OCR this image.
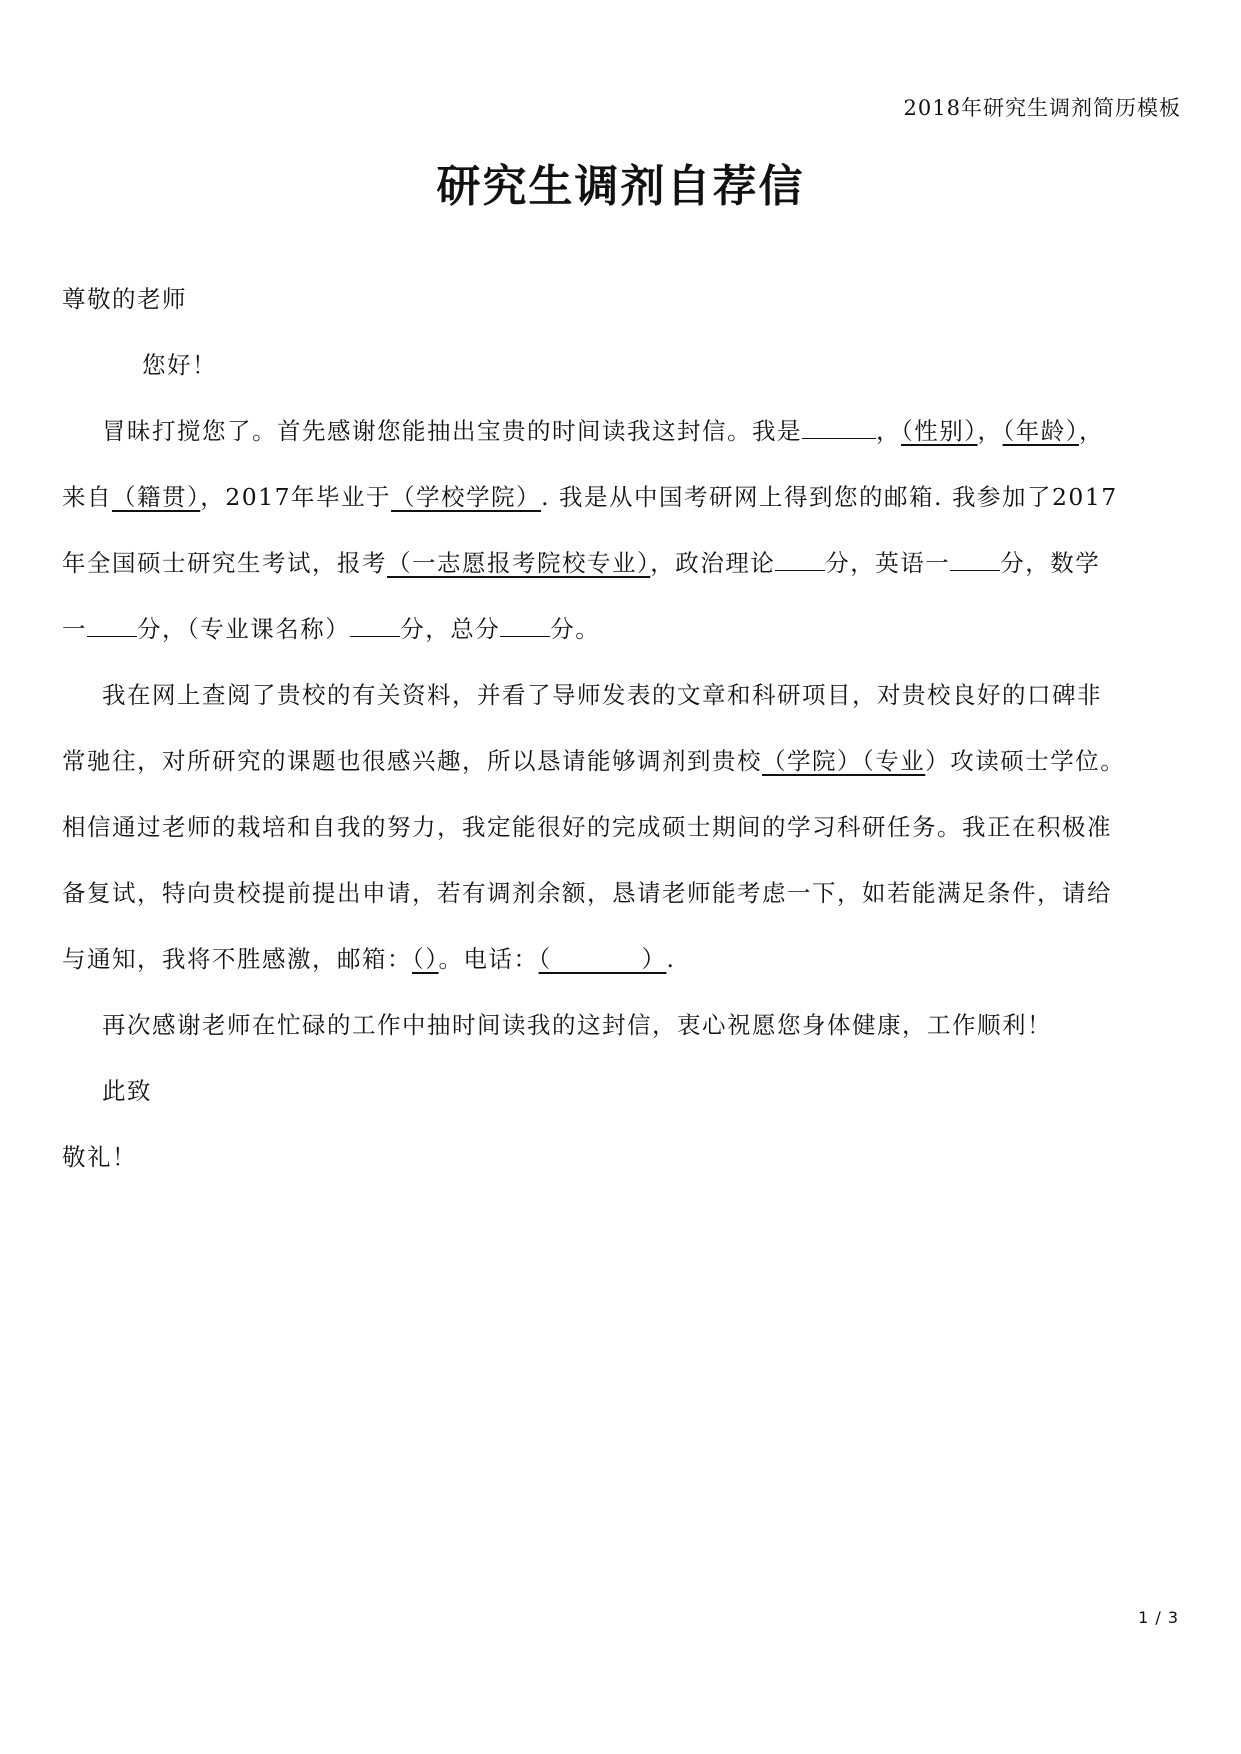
2018年研究生调剂简历模板
研究生调剂自荐信
尊敬的老师
您好！
冒昧打搅您了。首先感谢您能抽出宝贵的时间读我这封信。我是	，（性别），（年龄），
来自（籍贯），2017年毕业于（学校学院）. 我是从中国考研网上得到您的邮箱. 我参加了2017
年全国硕士研究生考试，报考（一志愿报考院校专业），政治理论 分，英语一 分，数学
一 分，（专业课名称） 分，总分 分。
我在网上查阅了贵校的有关资料，并看了导师发表的文章和科研项目，对贵校良好的口碑非
常驰往，对所研究的课题也很感兴趣，所以恳请能够调剂到贵校（学院）（专业）攻读硕士学位。
相信通过老师的栽培和自我的努力，我定能很好的完成硕士期间的学习科研任务。我正在积极准
备复试，特向贵校提前提出申请，若有调剂余额，恳请老师能考虑一下，如若能满足条件，请给
与通知，我将不胜感激，邮箱：（）。电话：（          ）.
再次感谢老师在忙碌的工作中抽时间读我的这封信，衷心祝愿您身体健康，工作顺利！
此致
敬礼！
1 / 3
